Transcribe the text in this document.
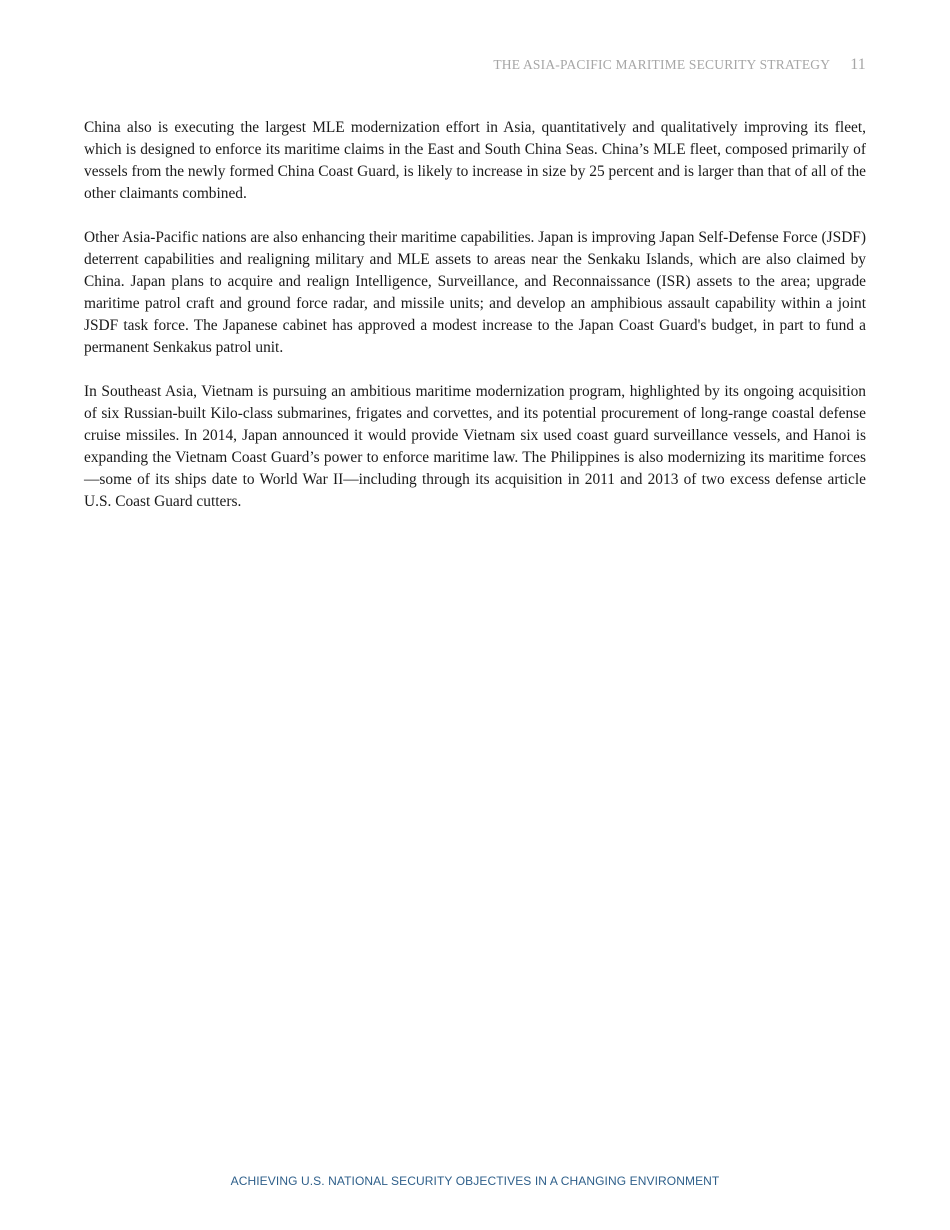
THE ASIA-PACIFIC MARITIME SECURITY STRATEGY 11

China also is executing the largest MLE modernization effort in Asia, quantitatively and qualitatively improving its fleet, which is designed to enforce its maritime claims in the East and South China Seas. China’s MLE fleet, composed primarily of vessels from the newly formed China Coast Guard, is likely to increase in size by 25 percent and is larger than that of all of the other claimants combined.

Other Asia-Pacific nations are also enhancing their maritime capabilities. Japan is improving Japan Self-Defense Force (JSDF) deterrent capabilities and realigning military and MLE assets to areas near the Senkaku Islands, which are also claimed by China. Japan plans to acquire and realign Intelligence, Surveillance, and Reconnaissance (ISR) assets to the area; upgrade maritime patrol craft and ground force radar, and missile units; and develop an amphibious assault capability within a joint JSDF task force. The Japanese cabinet has approved a modest increase to the Japan Coast Guard's budget, in part to fund a permanent Senkakus patrol unit.

In Southeast Asia, Vietnam is pursuing an ambitious maritime modernization program, highlighted by its ongoing acquisition of six Russian-built Kilo-class submarines, frigates and corvettes, and its potential procurement of long-range coastal defense cruise missiles. In 2014, Japan announced it would provide Vietnam six used coast guard surveillance vessels, and Hanoi is expanding the Vietnam Coast Guard’s power to enforce maritime law. The Philippines is also modernizing its maritime forces—some of its ships date to World War II—including through its acquisition in 2011 and 2013 of two excess defense article U.S. Coast Guard cutters.

ACHIEVING U.S. NATIONAL SECURITY OBJECTIVES IN A CHANGING ENVIRONMENT
